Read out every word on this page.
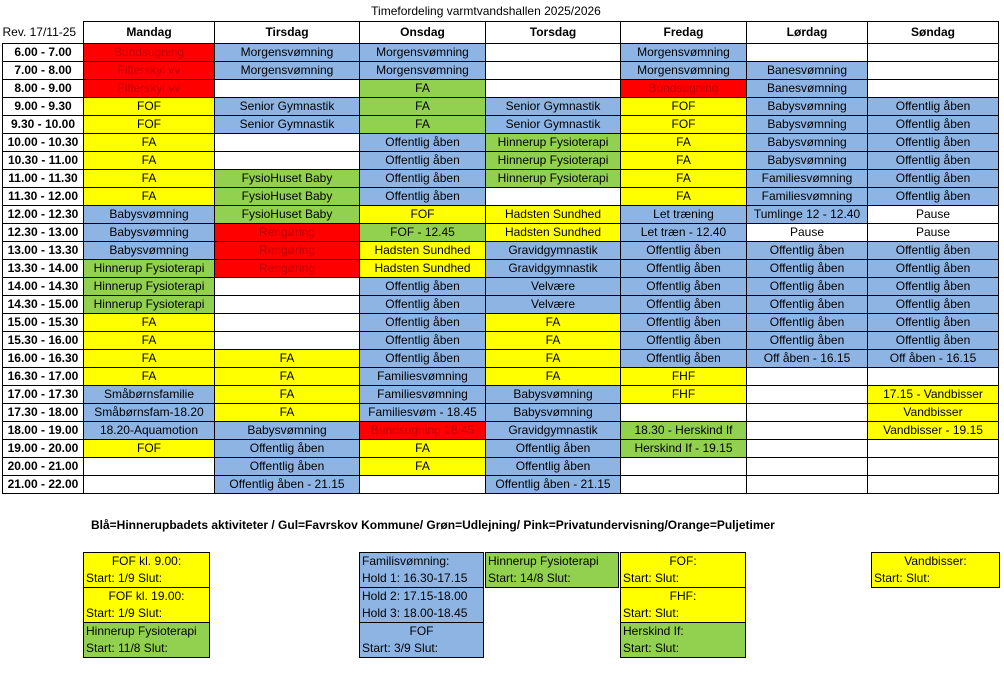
Timefordeling varmtvandshallen 2025/2026
Rev. 17/11-25	Mandag	Tirsdag	Onsdag	Torsdag	Fredag	Lørdag	Søndag
6.00 - 7.00	Bundsugning	Morgensvømning	Morgensvømning		Morgensvømning		
7.00 - 8.00	Filterskyl vv	Morgensvømning	Morgensvømning		Morgensvømning	Banesvømning	
8.00 - 9.00	Filterskyl vv		FA		Bundsugning	Banesvømning	
9.00 - 9.30	FOF	Senior Gymnastik	FA	Senior Gymnastik	FOF	Babysvømning	Offentlig åben
9.30 - 10.00	FOF	Senior Gymnastik	FA	Senior Gymnastik	FOF	Babysvømning	Offentlig åben
10.00 - 10.30	FA		Offentlig åben	Hinnerup Fysioterapi	FA	Babysvømning	Offentlig åben
10.30 - 11.00	FA		Offentlig åben	Hinnerup Fysioterapi	FA	Babysvømning	Offentlig åben
11.00 - 11.30	FA	FysioHuset Baby	Offentlig åben	Hinnerup Fysioterapi	FA	Familiesvømning	Offentlig åben
11.30 - 12.00	FA	FysioHuset Baby	Offentlig åben		FA	Familiesvømning	Offentlig åben
12.00 - 12.30	Babysvømning	FysioHuset Baby	FOF	Hadsten Sundhed	Let træning	Tumlinge 12 - 12.40	Pause
12.30 - 13.00	Babysvømning	Rengøring	FOF - 12.45	Hadsten Sundhed	Let træn - 12.40	Pause	Pause
13.00 - 13.30	Babysvømning	Rengøring	Hadsten Sundhed	Gravidgymnastik	Offentlig åben	Offentlig åben	Offentlig åben
13.30 - 14.00	Hinnerup Fysioterapi	Rengøring	Hadsten Sundhed	Gravidgymnastik	Offentlig åben	Offentlig åben	Offentlig åben
14.00 - 14.30	Hinnerup Fysioterapi		Offentlig åben	Velvære	Offentlig åben	Offentlig åben	Offentlig åben
14.30 - 15.00	Hinnerup Fysioterapi		Offentlig åben	Velvære	Offentlig åben	Offentlig åben	Offentlig åben
15.00 - 15.30	FA		Offentlig åben	FA	Offentlig åben	Offentlig åben	Offentlig åben
15.30 - 16.00	FA		Offentlig åben	FA	Offentlig åben	Offentlig åben	Offentlig åben
16.00 - 16.30	FA	FA	Offentlig åben	FA	Offentlig åben	Off åben - 16.15	Off åben - 16.15
16.30 - 17.00	FA	FA	Familiesvømning	FA	FHF		
17.00 - 17.30	Småbørnsfamilie	FA	Familiesvømning	Babysvømning	FHF		17.15 - Vandbisser
17.30 - 18.00	Småbørnsfam-18.20	FA	Familiesvøm - 18.45	Babysvømning			Vandbisser
18.00 - 19.00	18.20-Aquamotion	Babysvømning	Bundsugning 18.45	Gravidgymnastik	18.30 - Herskind If		Vandbisser - 19.15
19.00 - 20.00	FOF	Offentlig åben	FA	Offentlig åben	Herskind If - 19.15		
20.00 - 21.00		Offentlig åben	FA	Offentlig åben			
21.00 - 22.00		Offentlig åben - 21.15		Offentlig åben - 21.15			
Blå=Hinnerupbadets aktiviteter / Gul=Favrskov Kommune/ Grøn=Udlejning/ Pink=Privatundervisning/Orange=Puljetimer
FOF kl. 9.00:
Start: 1/9 Slut:
FOF kl. 19.00:
Start: 1/9 Slut:
Hinnerup Fysioterapi
Start: 11/8 Slut:
Familisvømning:
Hold 1: 16.30-17.15
Hold 2: 17.15-18.00
Hold 3: 18.00-18.45
FOF
Start: 3/9 Slut:
Hinnerup Fysioterapi
Start: 14/8 Slut:
FOF:
Start: Slut:
FHF:
Start: Slut:
Herskind If:
Start: Slut:
Vandbisser:
Start: Slut:
